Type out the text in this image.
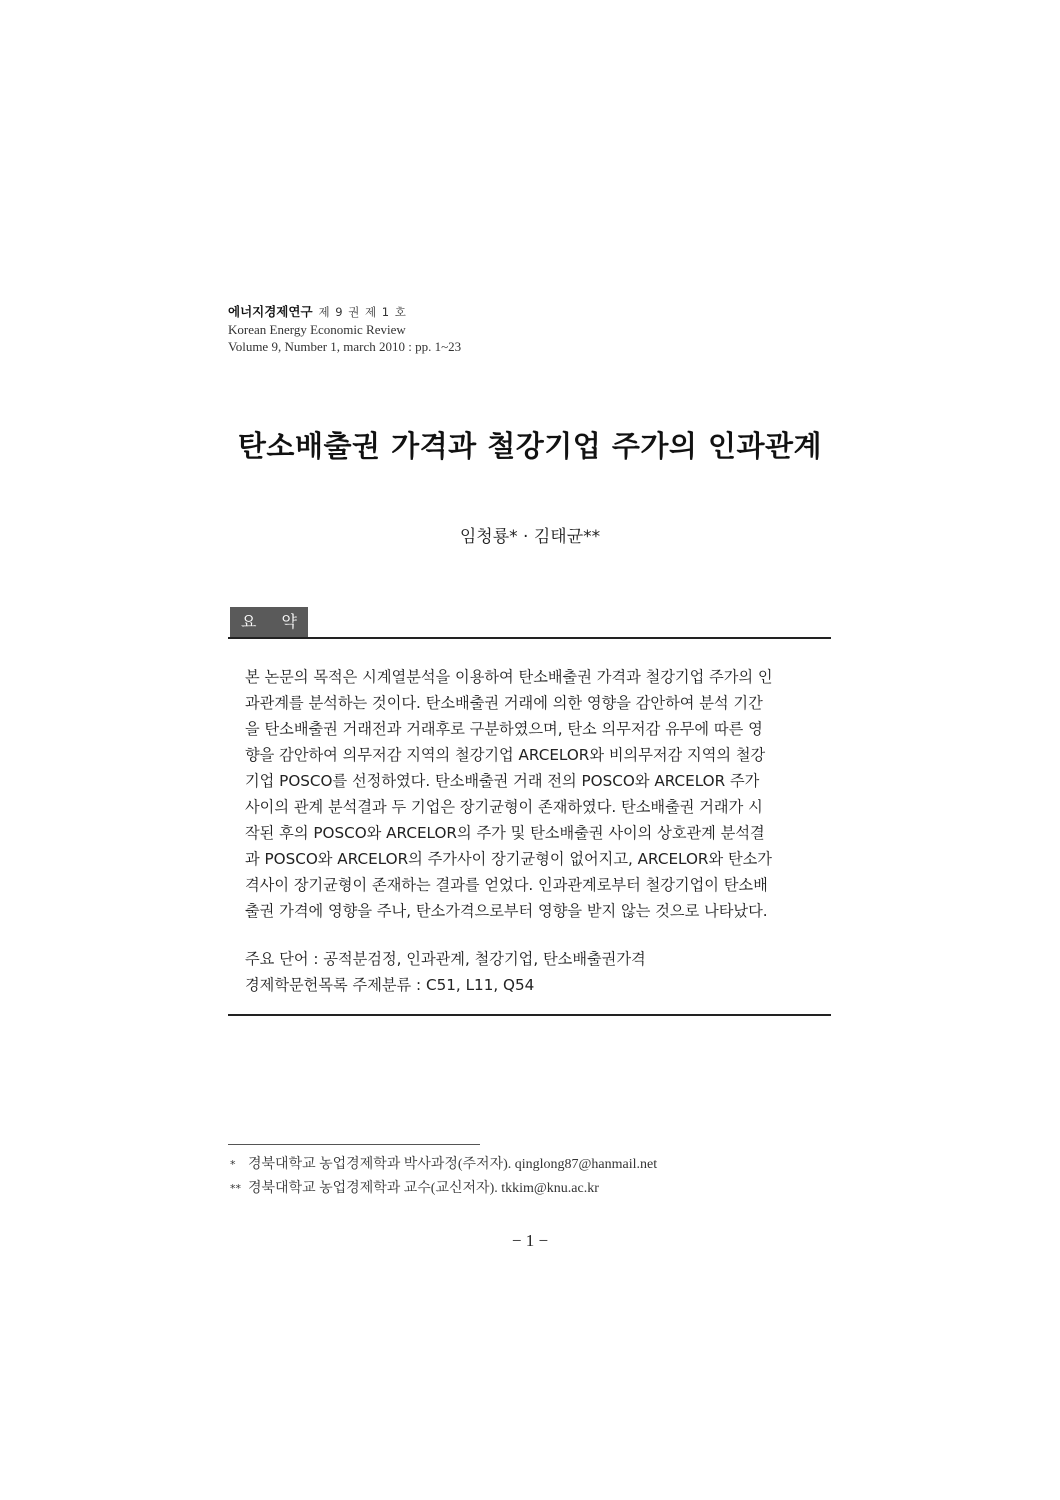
에너지경제연구 제 9 권 제 1 호
Korean Energy Economic Review
Volume 9, Number 1, march 2010 : pp. 1~23
탄소배출권 가격과 철강기업 주가의 인과관계
임청룡* · 김태균**
요 약
본 논문의 목적은 시계열분석을 이용하여 탄소배출권 가격과 철강기업 주가의 인
과관계를 분석하는 것이다. 탄소배출권 거래에 의한 영향을 감안하여 분석 기간
을 탄소배출권 거래전과 거래후로 구분하였으며, 탄소 의무저감 유무에 따른 영
향을 감안하여 의무저감 지역의 철강기업 ARCELOR와 비의무저감 지역의 철강
기업 POSCO를 선정하였다. 탄소배출권 거래 전의 POSCO와 ARCELOR 주가
사이의 관계 분석결과 두 기업은 장기균형이 존재하였다. 탄소배출권 거래가 시
작된 후의 POSCO와 ARCELOR의 주가 및 탄소배출권 사이의 상호관계 분석결
과 POSCO와 ARCELOR의 주가사이 장기균형이 없어지고, ARCELOR와 탄소가
격사이 장기균형이 존재하는 결과를 얻었다. 인과관계로부터 철강기업이 탄소배
출권 가격에 영향을 주나, 탄소가격으로부터 영향을 받지 않는 것으로 나타났다.
주요 단어 : 공적분검정, 인과관계, 철강기업, 탄소배출권가격
경제학문헌목록 주제분류 : C51, L11, Q54
* 경북대학교 농업경제학과 박사과정(주저자). qinglong87@hanmail.net
** 경북대학교 농업경제학과 교수(교신저자). tkkim@knu.ac.kr
− 1 −
